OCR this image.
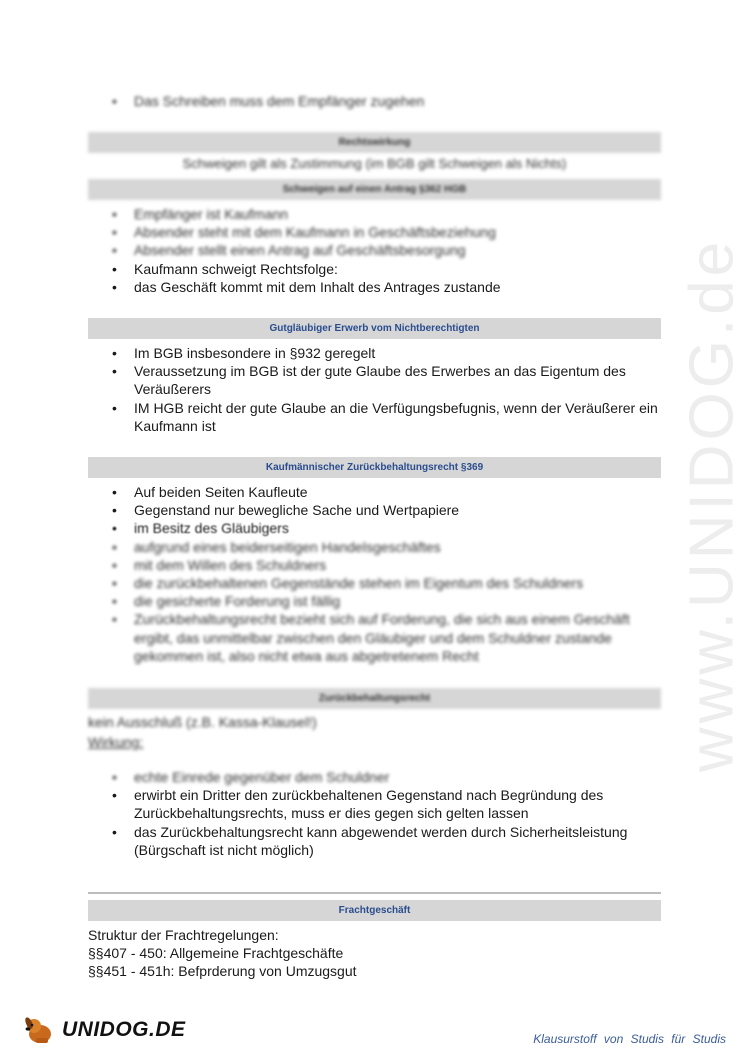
www.UNIDOG.de
• Das Schreiben muss dem Empfänger zugehen
Rechtswirkung
Schweigen gilt als Zustimmung (im BGB gilt Schweigen als Nichts)
Schweigen auf einen Antrag §362 HGB
• Empfänger ist Kaufmann
• Absender steht mit dem Kaufmann in Geschäftsbeziehung
• Absender stellt einen Antrag auf Geschäftsbesorgung
• Kaufmann schweigt Rechtsfolge:
• das Geschäft kommt mit dem Inhalt des Antrages zustande
Gutgläubiger Erwerb vom Nichtberechtigten
• Im BGB insbesondere in §932 geregelt
• Veraussetzung im BGB ist der gute Glaube des Erwerbes an das Eigentum des Veräußerers
• IM HGB reicht der gute Glaube an die Verfügungsbefugnis, wenn der Veräußerer ein Kaufmann ist
Kaufmännischer Zurückbehaltungsrecht §369
• Auf beiden Seiten Kaufleute
• Gegenstand nur bewegliche Sache und Wertpapiere
• im Besitz des Gläubigers
• aufgrund eines beiderseitigen Handelsgeschäftes
• mit dem Willen des Schuldners
• die zurückbehaltenen Gegenstände stehen im Eigentum des Schuldners
• die gesicherte Forderung ist fällig
• Zurückbehaltungsrecht bezieht sich auf Forderung, die sich aus einem Geschäft ergibt, das unmittelbar zwischen den Gläubiger und dem Schuldner zustande gekommen ist, also nicht etwa aus abgetretenem Recht
Zurückbehaltungsrecht
kein Ausschluß (z.B. Kassa-Klausel!)
Wirkung:
• echte Einrede gegenüber dem Schuldner
• erwirbt ein Dritter den zurückbehaltenen Gegenstand nach Begründung des Zurückbehaltungsrechts, muss er dies gegen sich gelten lassen
• das Zurückbehaltungsrecht kann abgewendet werden durch Sicherheitsleistung (Bürgschaft ist nicht möglich)
Frachtgeschäft
Struktur der Frachtregelungen:
§§407 - 450: Allgemeine Frachtgeschäfte
§§451 - 451h: Befprderung von Umzugsgut
UNIDOG.DE	Klausurstoff von Studis für Studis
